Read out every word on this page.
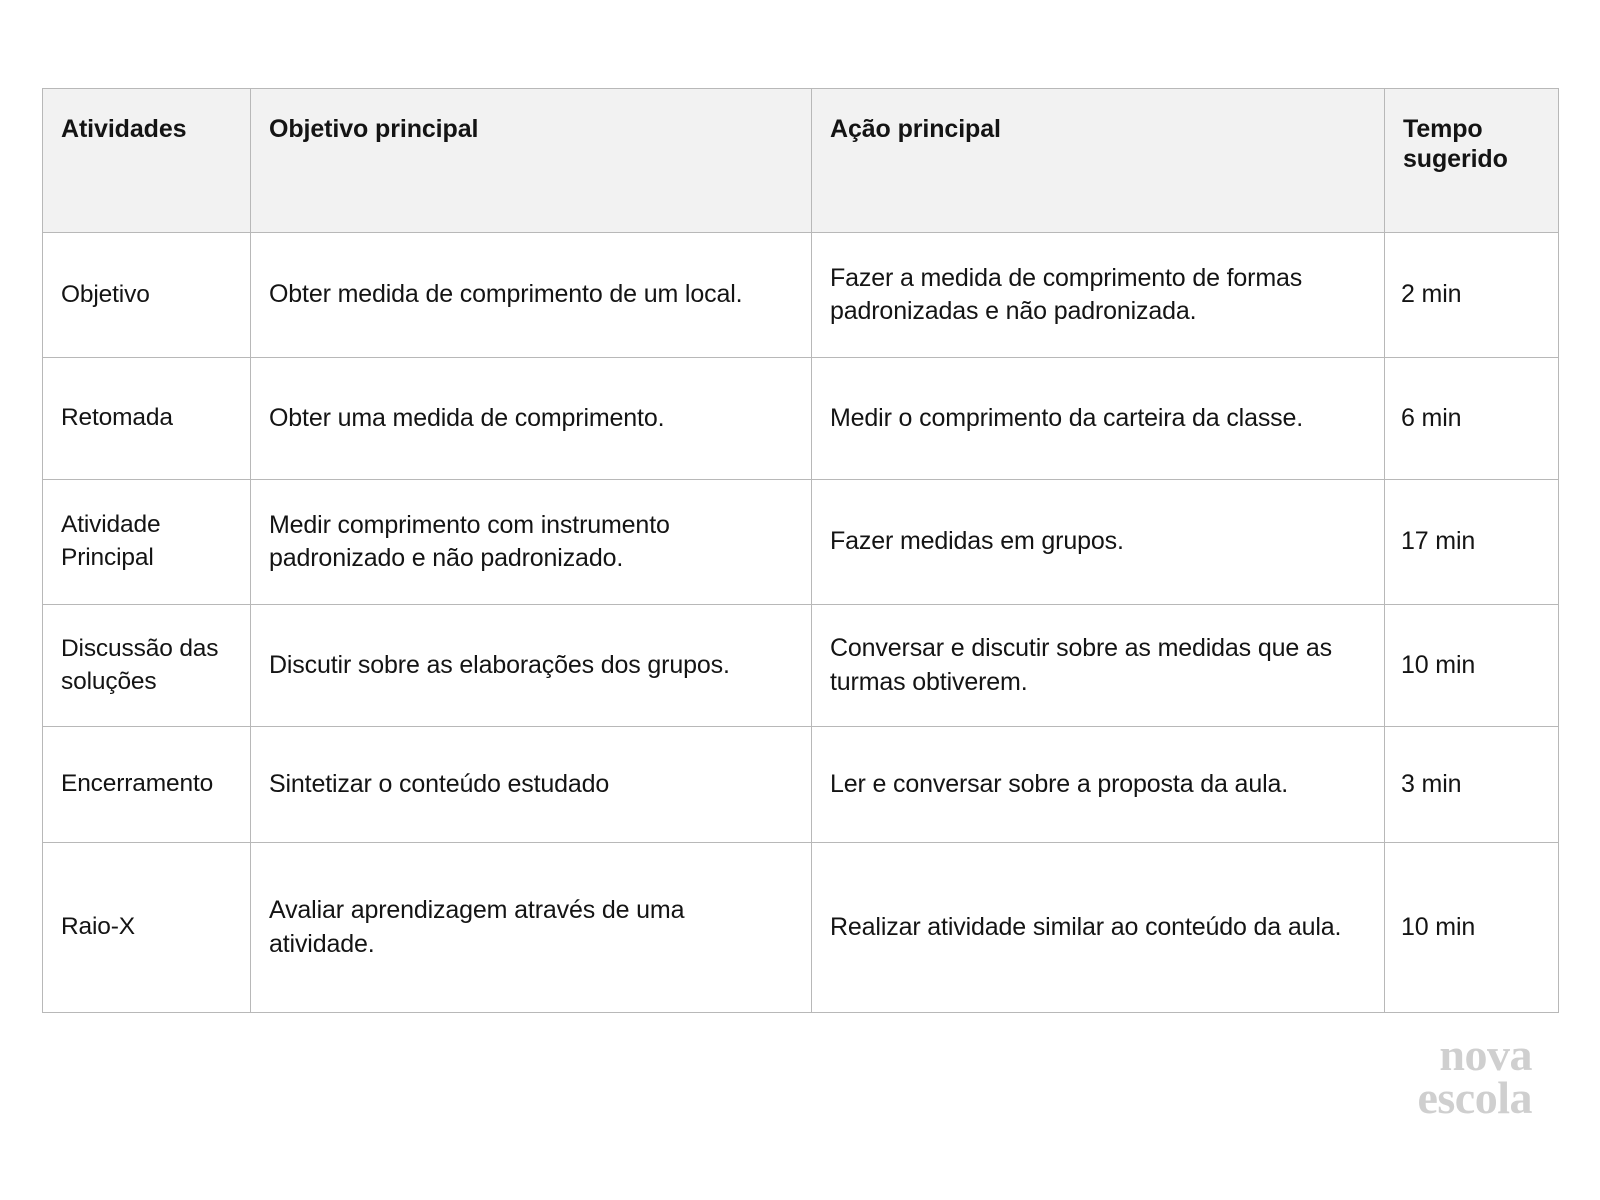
Atividades	Objetivo principal	Ação principal	Tempo sugerido
Objetivo	Obter medida de comprimento de um local.	Fazer a medida de comprimento de formas padronizadas e não padronizada.	2 min
Retomada	Obter uma medida de comprimento.	Medir o comprimento da carteira da classe.	6 min
Atividade Principal	Medir comprimento com instrumento padronizado e não padronizado.	Fazer medidas em grupos.	17 min
Discussão das soluções	Discutir sobre as elaborações dos grupos.	Conversar e discutir sobre as medidas que as turmas obtiverem.	10 min
Encerramento	Sintetizar o conteúdo estudado	Ler e conversar sobre a proposta da aula.	3 min
Raio-X	Avaliar aprendizagem através de uma atividade.	Realizar atividade similar ao conteúdo da aula.	10 min
nova
escola
